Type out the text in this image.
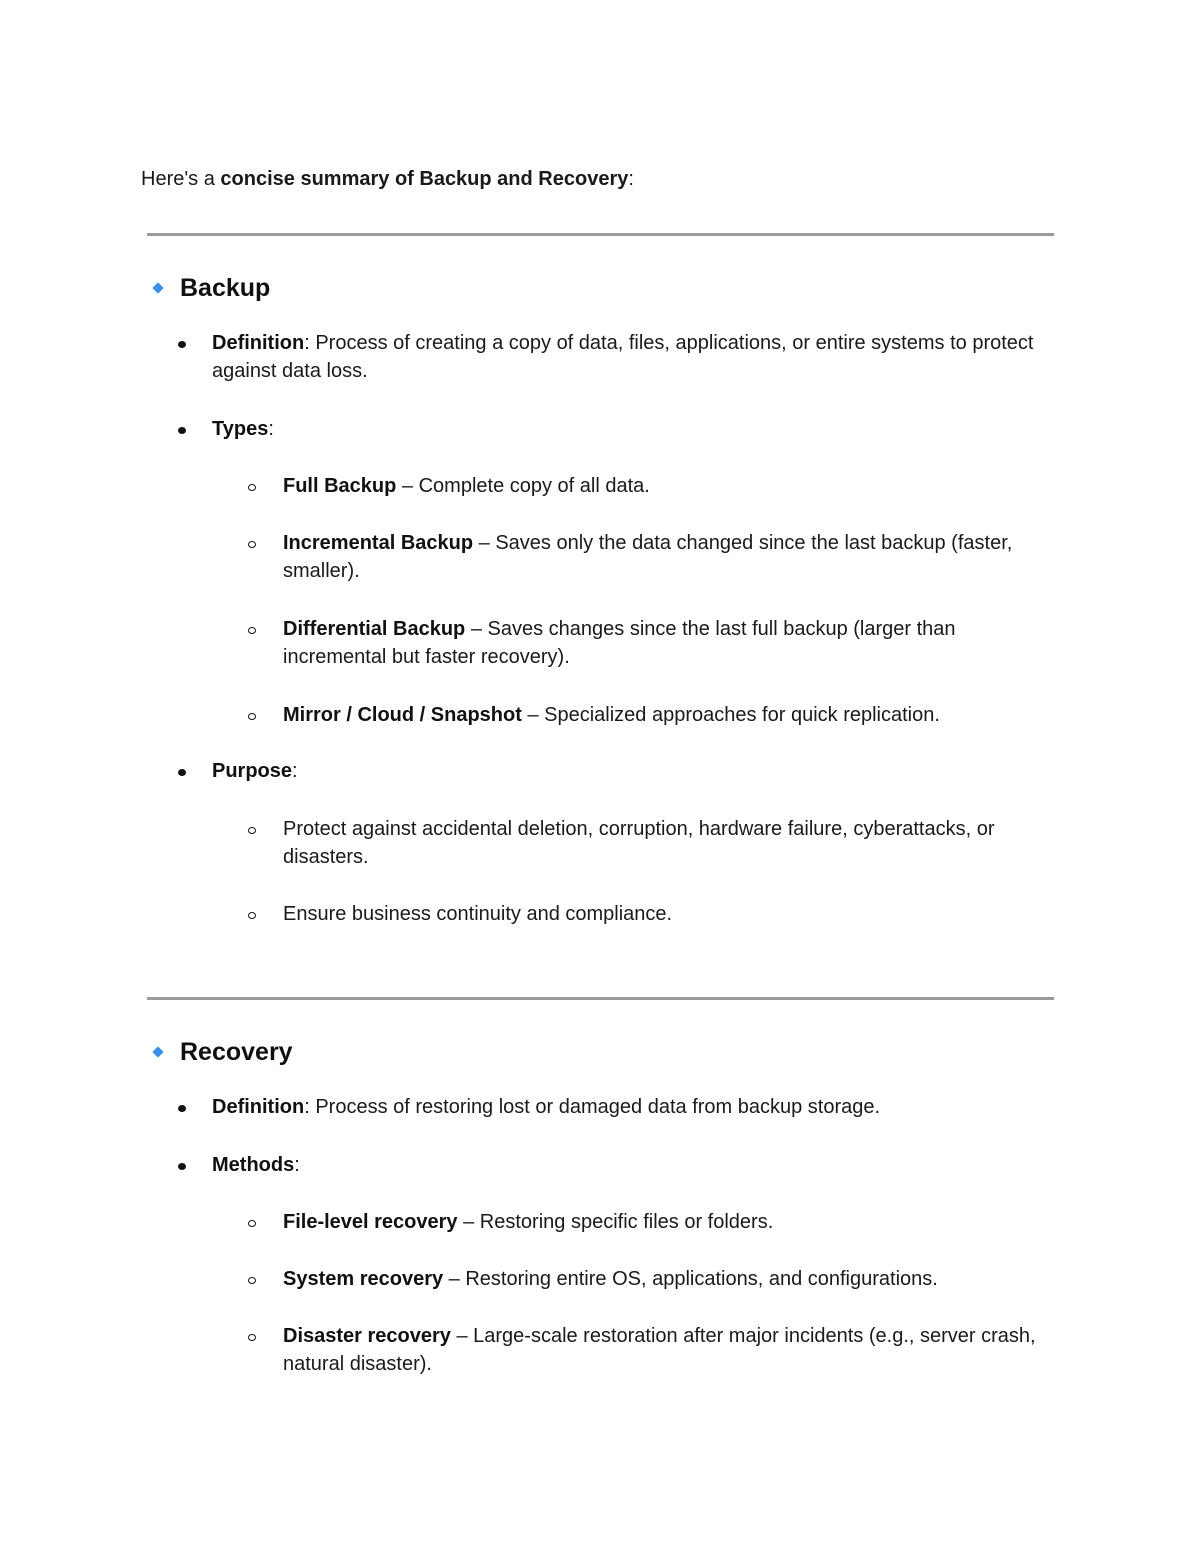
Here's a concise summary of Backup and Recovery:
Backup
Definition: Process of creating a copy of data, files, applications, or entire systems to protect against data loss.
Types:
Full Backup – Complete copy of all data.
Incremental Backup – Saves only the data changed since the last backup (faster, smaller).
Differential Backup – Saves changes since the last full backup (larger than incremental but faster recovery).
Mirror / Cloud / Snapshot – Specialized approaches for quick replication.
Purpose:
Protect against accidental deletion, corruption, hardware failure, cyberattacks, or disasters.
Ensure business continuity and compliance.
Recovery
Definition: Process of restoring lost or damaged data from backup storage.
Methods:
File-level recovery – Restoring specific files or folders.
System recovery – Restoring entire OS, applications, and configurations.
Disaster recovery – Large-scale restoration after major incidents (e.g., server crash, natural disaster).
